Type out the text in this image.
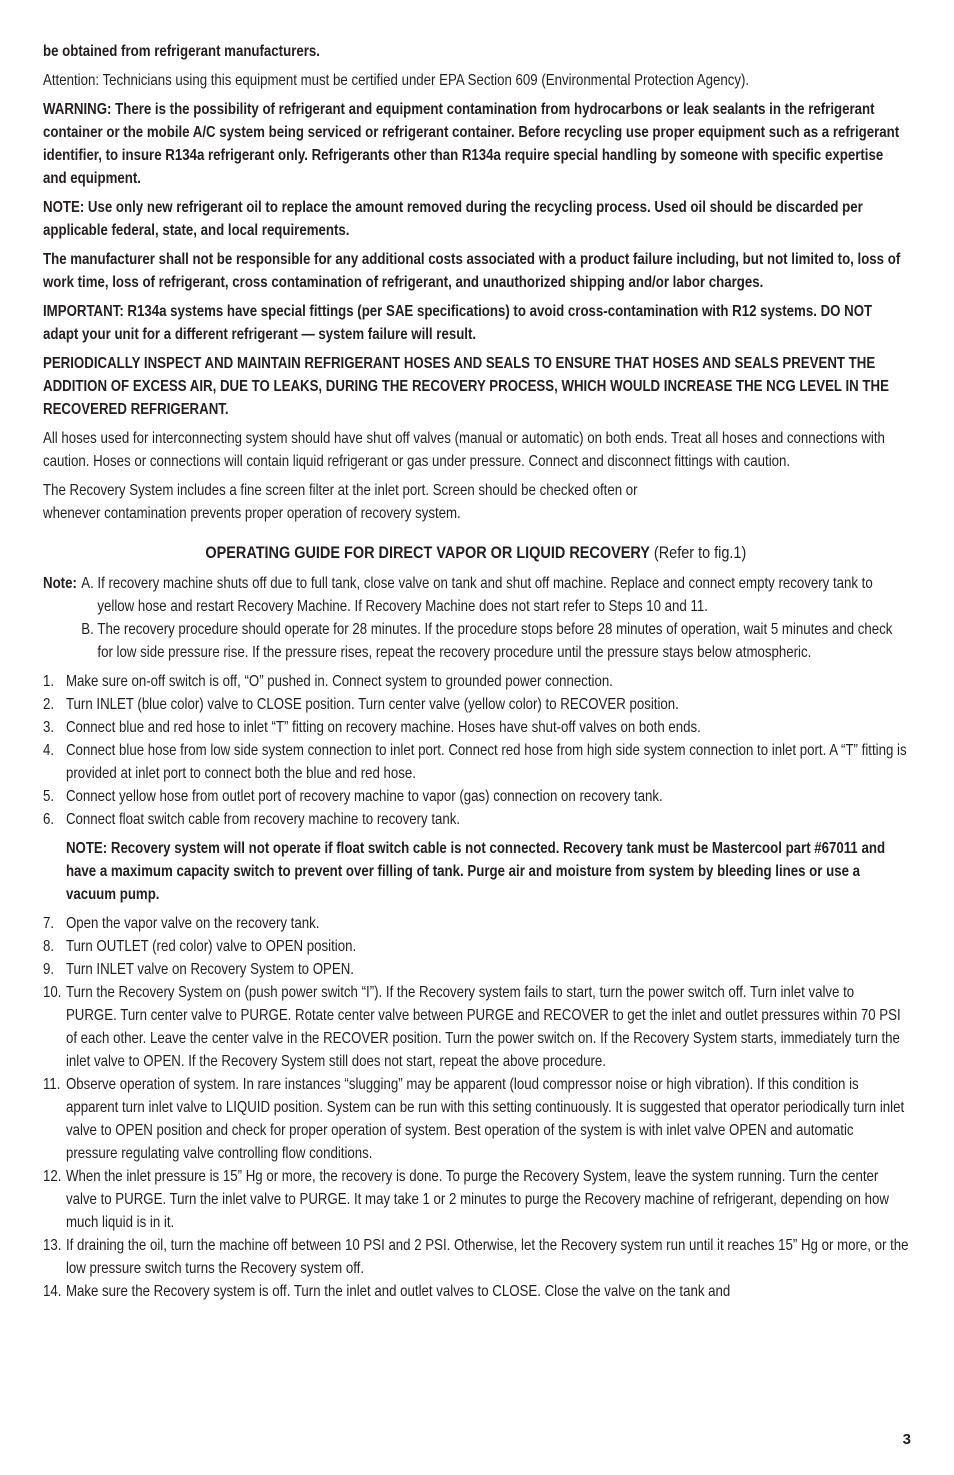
be obtained from refrigerant manufacturers.

Attention: Technicians using this equipment must be certified under EPA Section 609 (Environmental Protection Agency).

WARNING: There is the possibility of refrigerant and equipment contamination from hydrocarbons or leak sealants in the refrigerant container or the mobile A/C system being serviced or refrigerant container. Before recycling use proper equipment such as a refrigerant identifier, to insure R134a refrigerant only. Refrigerants other than R134a require special handling by someone with specific expertise and equipment.

NOTE: Use only new refrigerant oil to replace the amount removed during the recycling process. Used oil should be discarded per applicable federal, state, and local requirements.

The manufacturer shall not be responsible for any additional costs associated with a product failure including, but not limited to, loss of work time, loss of refrigerant, cross contamination of refrigerant, and unauthorized shipping and/or labor charges.

IMPORTANT: R134a systems have special fittings (per SAE specifications) to avoid cross-contamination with R12 systems. DO NOT adapt your unit for a different refrigerant — system failure will result.

PERIODICALLY INSPECT AND MAINTAIN REFRIGERANT HOSES AND SEALS TO ENSURE THAT HOSES AND SEALS PREVENT THE ADDITION OF EXCESS AIR, DUE TO LEAKS, DURING THE RECOVERY PROCESS, WHICH WOULD INCREASE THE NCG LEVEL IN THE RECOVERED REFRIGERANT.

All hoses used for interconnecting system should have shut off valves (manual or automatic) on both ends. Treat all hoses and connections with caution. Hoses or connections will contain liquid refrigerant or gas under pressure. Connect and disconnect fittings with caution.

The Recovery System includes a fine screen filter at the inlet port. Screen should be checked often or
whenever contamination prevents proper operation of recovery system.

OPERATING GUIDE FOR DIRECT VAPOR OR LIQUID RECOVERY (Refer to fig.1)
Note: A. If recovery machine shuts off due to full tank, close valve on tank and shut off machine. Replace and connect empty recovery tank to yellow hose and restart Recovery Machine. If Recovery Machine does not start refer to Steps 10 and 11.
B. The recovery procedure should operate for 28 minutes. If the procedure stops before 28 minutes of operation, wait 5 minutes and check for low side pressure rise. If the pressure rises, repeat the recovery procedure until the pressure stays below atmospheric.
1. Make sure on-off switch is off, “O” pushed in. Connect system to grounded power connection.
2. Turn INLET (blue color) valve to CLOSE position. Turn center valve (yellow color) to RECOVER position.
3. Connect blue and red hose to inlet “T” fitting on recovery machine. Hoses have shut-off valves on both ends.
4. Connect blue hose from low side system connection to inlet port. Connect red hose from high side system connection to inlet port. A “T” fitting is provided at inlet port to connect both the blue and red hose.
5. Connect yellow hose from outlet port of recovery machine to vapor (gas) connection on recovery tank.
6. Connect float switch cable from recovery machine to recovery tank.

NOTE: Recovery system will not operate if float switch cable is not connected. Recovery tank must be Mastercool part #67011 and have a maximum capacity switch to prevent over filling of tank. Purge air and moisture from system by bleeding lines or use a vacuum pump.

7. Open the vapor valve on the recovery tank.
8. Turn OUTLET (red color) valve to OPEN position.
9. Turn INLET valve on Recovery System to OPEN.
10. Turn the Recovery System on (push power switch “I”). If the Recovery system fails to start, turn the power switch off. Turn inlet valve to PURGE. Turn center valve to PURGE. Rotate center valve between PURGE and RECOVER to get the inlet and outlet pressures within 70 PSI of each other. Leave the center valve in the RECOVER position. Turn the power switch on. If the Recovery System starts, immediately turn the inlet valve to OPEN. If the Recovery System still does not start, repeat the above procedure.
11. Observe operation of system. In rare instances “slugging” may be apparent (loud compressor noise or high vibration). If this condition is apparent turn inlet valve to LIQUID position. System can be run with this setting continuously. It is suggested that operator periodically turn inlet valve to OPEN position and check for proper operation of system. Best operation of the system is with inlet valve OPEN and automatic pressure regulating valve controlling flow conditions.
12. When the inlet pressure is 15” Hg or more, the recovery is done. To purge the Recovery System, leave the system running. Turn the center valve to PURGE. Turn the inlet valve to PURGE. It may take 1 or 2 minutes to purge the Recovery machine of refrigerant, depending on how much liquid is in it.
13. If draining the oil, turn the machine off between 10 PSI and 2 PSI. Otherwise, let the Recovery system run until it reaches 15” Hg or more, or the low pressure switch turns the Recovery system off.
14. Make sure the Recovery system is off. Turn the inlet and outlet valves to CLOSE. Close the valve on the tank and
3
